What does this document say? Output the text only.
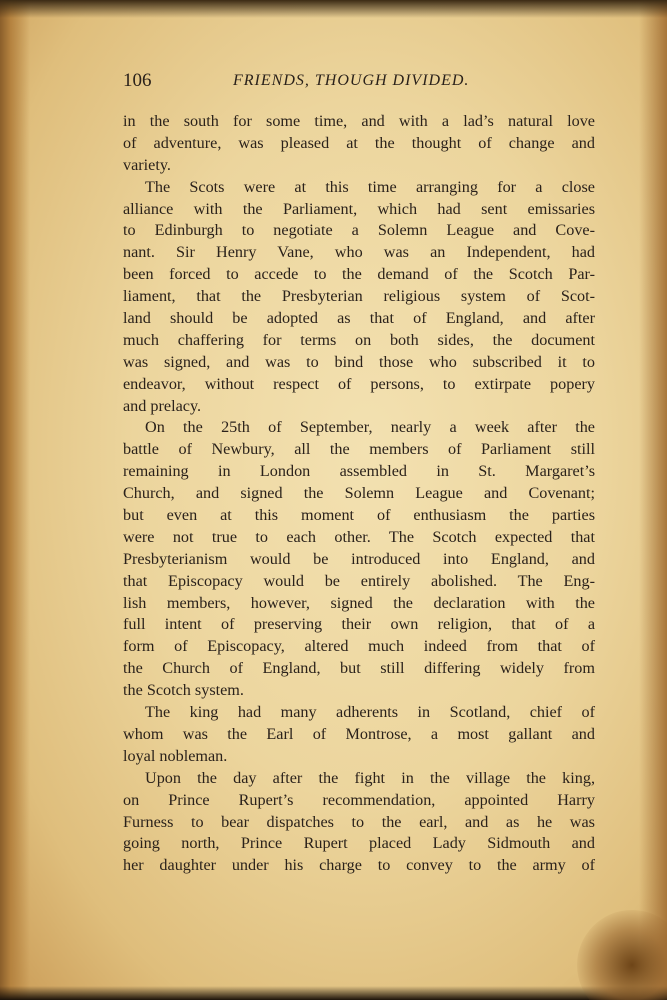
106	FRIENDS, THOUGH DIVIDED.
in the south for some time, and with a lad’s natural love
of adventure, was pleased at the thought of change and
variety.
The Scots were at this time arranging for a close
alliance with the Parliament, which had sent emissaries
to Edinburgh to negotiate a Solemn League and Cove-
nant. Sir Henry Vane, who was an Independent, had
been forced to accede to the demand of the Scotch Par-
liament, that the Presbyterian religious system of Scot-
land should be adopted as that of England, and after
much chaffering for terms on both sides, the document
was signed, and was to bind those who subscribed it to
endeavor, without respect of persons, to extirpate popery
and prelacy.
On the 25th of September, nearly a week after the
battle of Newbury, all the members of Parliament still
remaining in London assembled in St. Margaret’s
Church, and signed the Solemn League and Covenant;
but even at this moment of enthusiasm the parties
were not true to each other. The Scotch expected that
Presbyterianism would be introduced into England, and
that Episcopacy would be entirely abolished. The Eng-
lish members, however, signed the declaration with the
full intent of preserving their own religion, that of a
form of Episcopacy, altered much indeed from that of
the Church of England, but still differing widely from
the Scotch system.
The king had many adherents in Scotland, chief of
whom was the Earl of Montrose, a most gallant and
loyal nobleman.
Upon the day after the fight in the village the king,
on Prince Rupert’s recommendation, appointed Harry
Furness to bear dispatches to the earl, and as he was
going north, Prince Rupert placed Lady Sidmouth and
her daughter under his charge to convey to the army of
